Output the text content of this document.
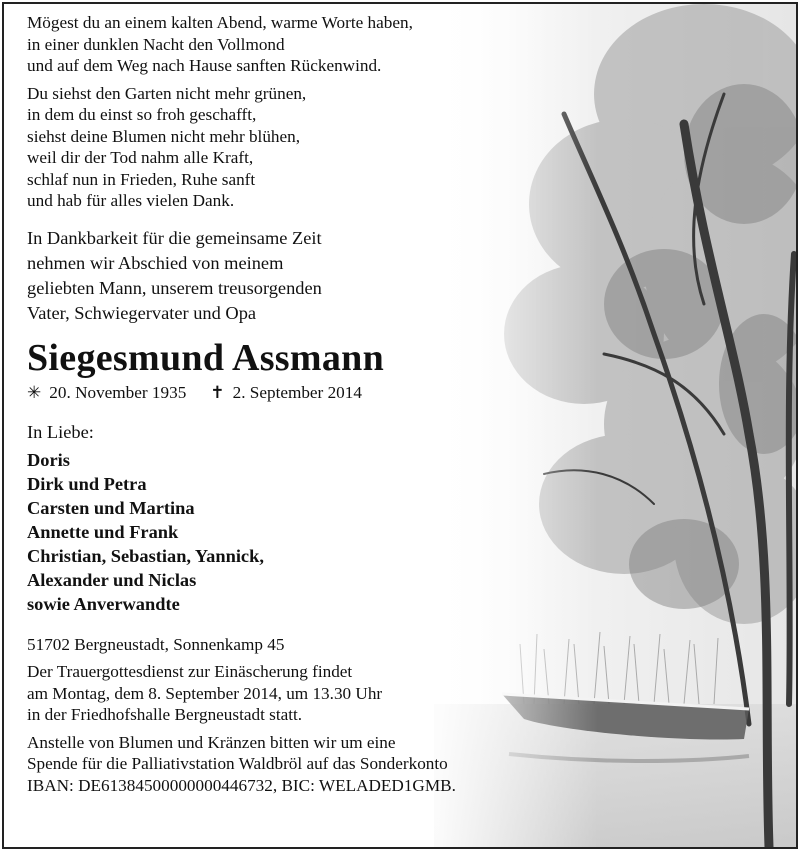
Mögest du an einem kalten Abend, warme Worte haben,

in einer dunklen Nacht den Vollmond

und auf dem Weg nach Hause sanften Rückenwind.

Du siehst den Garten nicht mehr grünen,

in dem du einst so froh geschafft,

siehst deine Blumen nicht mehr blühen,

weil dir der Tod nahm alle Kraft,

schlaf nun in Frieden, Ruhe sanft

und hab für alles vielen Dank.

In Dankbarkeit für die gemeinsame Zeit
nehmen wir Abschied von meinem
geliebten Mann, unserem treusorgenden
Vater, Schwiegervater und Opa
Siegesmund Assmann
✳ 20. November 1935 ✝ 2. September 2014
In Liebe:
Doris
Dirk und Petra
Carsten und Martina
Annette und Frank
Christian, Sebastian, Yannick,
Alexander und Niclas
sowie Anverwandte

51702 Bergneustadt, Sonnenkamp 45

Der Trauergottesdienst zur Einäscherung findet

am Montag, dem 8. September 2014, um 13.30 Uhr

in der Friedhofshalle Bergneustadt statt.

Anstelle von Blumen und Kränzen bitten wir um eine

Spende für die Palliativstation Waldbröl auf das Sonderkonto

IBAN: DE61384500000000446732, BIC: WELADED1GMB.
